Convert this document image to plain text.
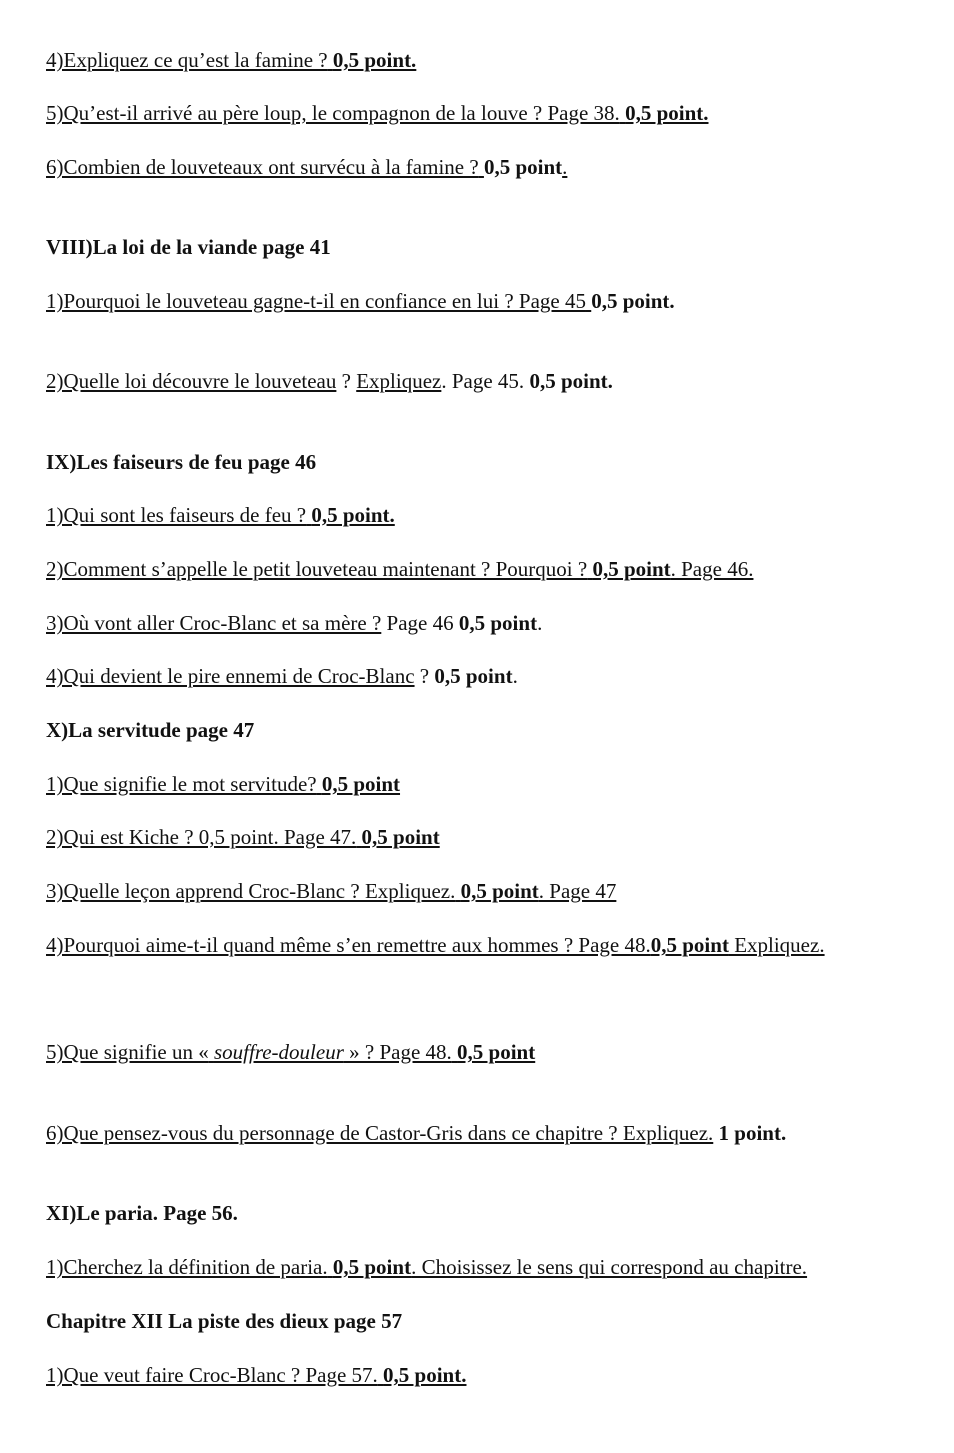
4)Expliquez ce qu’est la famine ? 0,5 point.
5)Qu’est-il arrivé au père loup, le compagnon de la louve ? Page 38. 0,5 point.
6)Combien de louveteaux ont survécu à la famine ? 0,5 point.
VIII)La loi de la viande page 41
1)Pourquoi le louveteau gagne-t-il en confiance en lui ? Page 45 0,5 point.
2)Quelle loi découvre le louveteau ? Expliquez. Page 45. 0,5 point.
IX)Les faiseurs de feu page 46
1)Qui sont les faiseurs de feu ? 0,5 point.
2)Comment s’appelle le petit louveteau maintenant ? Pourquoi ? 0,5 point. Page 46.
3)Où vont aller Croc-Blanc et sa mère ? Page 46 0,5 point.
4)Qui devient le pire ennemi de Croc-Blanc ? 0,5 point.
X)La servitude page 47
1)Que signifie le mot servitude? 0,5 point
2)Qui est Kiche ? 0,5 point. Page 47. 0,5 point
3)Quelle leçon apprend Croc-Blanc ? Expliquez. 0,5 point. Page 47
4)Pourquoi aime-t-il quand même s’en remettre aux hommes ? Page 48.0,5 point Expliquez.
5)Que signifie un « souffre-douleur » ? Page 48. 0,5 point
6)Que pensez-vous du personnage de Castor-Gris dans ce chapitre ? Expliquez. 1 point.
XI)Le paria. Page 56.
1)Cherchez la définition de paria. 0,5 point. Choisissez le sens qui correspond au chapitre.
Chapitre XII La piste des dieux page 57
1)Que veut faire Croc-Blanc ? Page 57. 0,5 point.
